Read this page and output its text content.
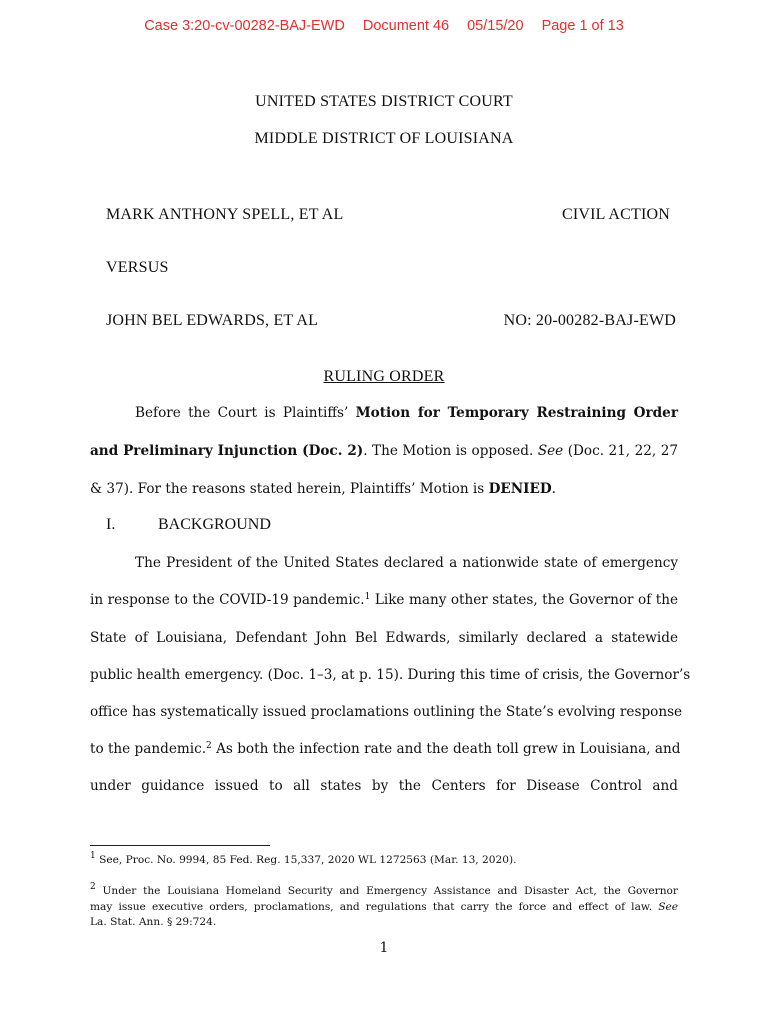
Case 3:20-cv-00282-BAJ-EWD Document 46 05/15/20 Page 1 of 13
UNITED STATES DISTRICT COURT
MIDDLE DISTRICT OF LOUISIANA
MARK ANTHONY SPELL, ET AL	CIVIL ACTION
VERSUS
JOHN BEL EDWARDS, ET AL	NO: 20-00282-BAJ-EWD
RULING ORDER
Before the Court is Plaintiffs’ Motion for Temporary Restraining Order
and Preliminary Injunction (Doc. 2). The Motion is opposed. See (Doc. 21, 22, 27
& 37). For the reasons stated herein, Plaintiffs’ Motion is DENIED.
I.	BACKGROUND
The President of the United States declared a nationwide state of emergency
in response to the COVID-19 pandemic.$^1$ Like many other states, the Governor of the
State of Louisiana, Defendant John Bel Edwards, similarly declared a statewide
public health emergency. (Doc. 1–3, at p. 15). During this time of crisis, the Governor’s
office has systematically issued proclamations outlining the State’s evolving response
to the pandemic.$^2$ As both the infection rate and the death toll grew in Louisiana, and
under guidance issued to all states by the Centers for Disease Control and
$^1$ See, Proc. No. 9994, 85 Fed. Reg. 15,337, 2020 WL 1272563 (Mar. 13, 2020).
$^2$ Under the Louisiana Homeland Security and Emergency Assistance and Disaster Act, the Governor
may issue executive orders, proclamations, and regulations that carry the force and effect of law. See
La. Stat. Ann. § 29:724.
1
